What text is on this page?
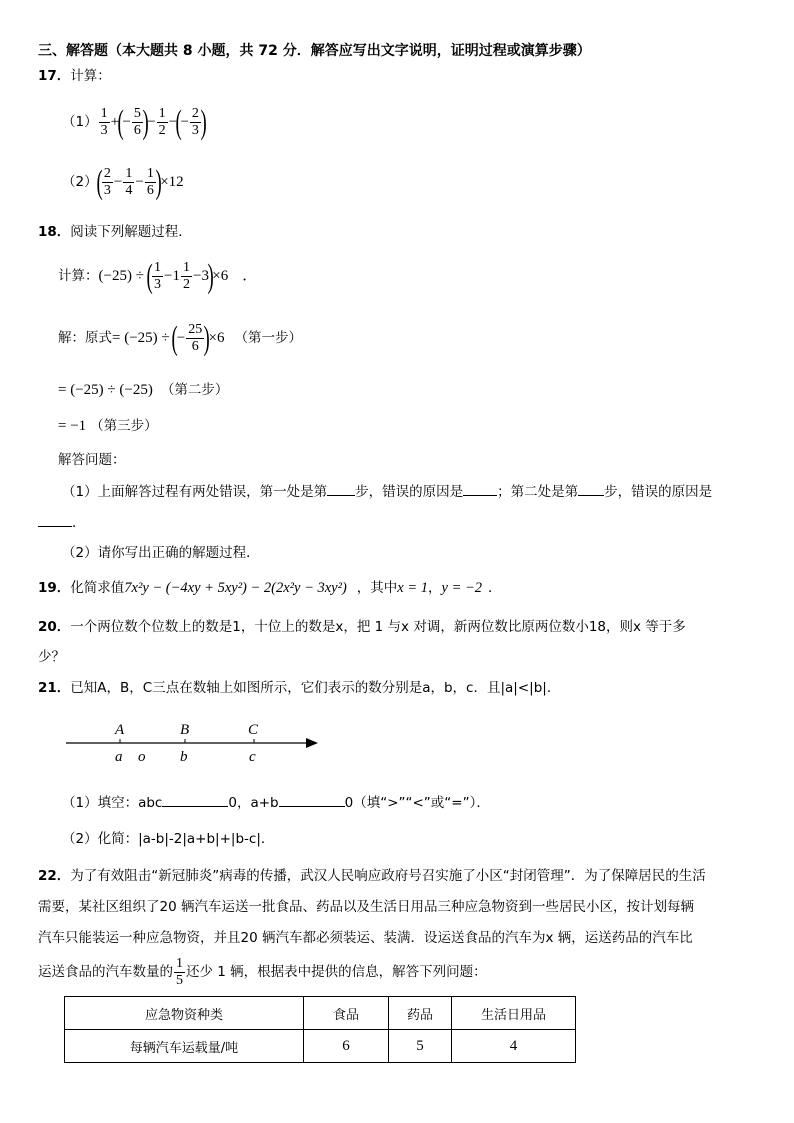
三、解答题（本大题共 8 小题，共 72 分．解答应写出文字说明，证明过程或演算步骤）
17．计算：
$(1) \frac{1}{3}$ +(− $\frac{5}{6}$ )− $\frac{1}{2}$ −(− $\frac{2}{3}$ )
$(2)( \frac{2}{3} - \frac{1}{4} - \frac{1}{6} )\times 12$
18．阅读下列解题过程．
计算：(−25) ÷ ( $\frac{1}{3} -1 \frac{1}{2} -3)\times 6$ ．
解：原式= (−25) ÷ (− $\frac{25}{6} )\times 6$ （第一步）
= (−25) ÷ (−25) （第二步）
= −1 （第三步）
解答问题：
（1）上面解答过程有两处错误，第一处是第 步，错误的原因是	；第二处是第 步，错误的原因是
．
（2）请你写出正确的解题过程．
19．化简求值7x²y − (−4xy + 5xy²) − 2(2x²y − 3xy²) ，其中x = 1，y = −2 ．
20．一个两位数个位数上的数是1，十位上的数是x，把 1 与x 对调，新两位数比原两位数小18，则x 等于多
少？
21．已知A，B，C三点在数轴上如图所示，它们表示的数分别是a，b，c．且|a|<|b|．
A	B	C
a o b	c
（1）填空：abc	0，a+b	0（填“>”“<”或“=”）．
（2）化简：|a-b|-2|a+b|+|b-c|．
22．为了有效阻击“新冠肺炎”病毒的传播，武汉人民响应政府号召实施了小区“封闭管理”．为了保障居民的生活
需要，某社区组织了20 辆汽车运送一批食品、药品以及生活日用品三种应急物资到一些居民小区，按计划每辆
汽车只能装运一种应急物资，并且20 辆汽车都必须装运、装满．设运送食品的汽车为x 辆，运送药品的汽车比
运送食品的汽车数量的 $\frac{1}{5}$ 还少 1 辆，根据表中提供的信息，解答下列问题：
应急物资种类	食品	药品	生活日用品
每辆汽车运载量/吨	6	5	4
